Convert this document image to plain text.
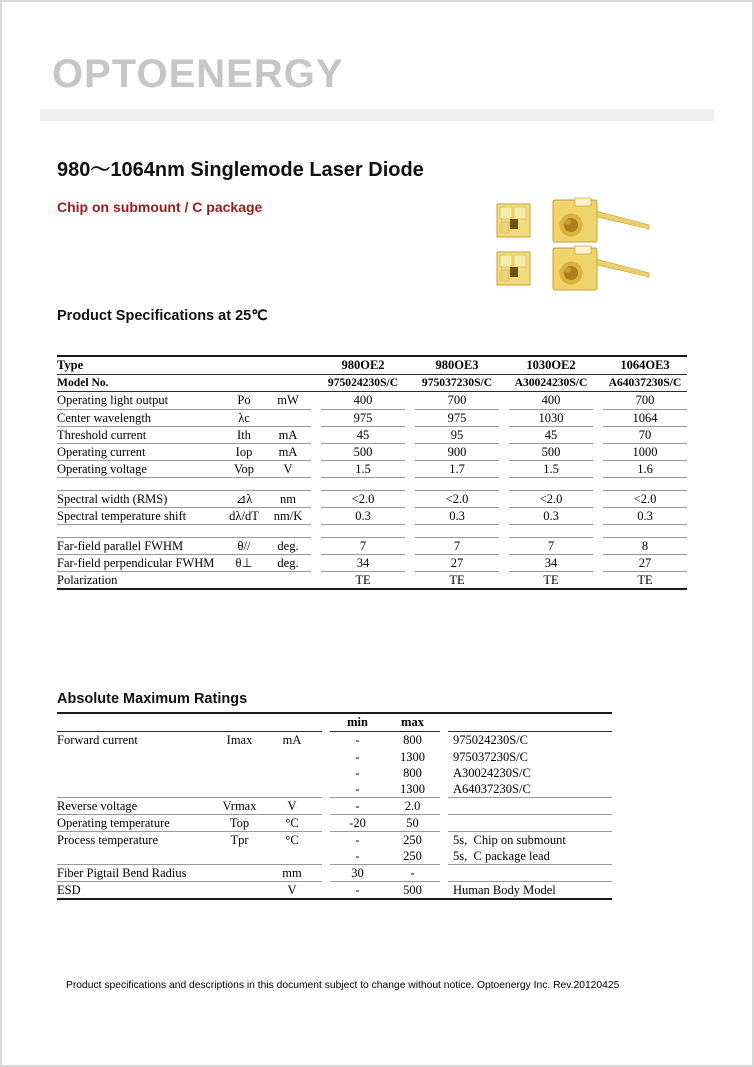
OPTOENERGY
980～1064nm Singlemode Laser Diode
Chip on submount / C package
Product Specifications at 25℃
Type				980OE2		980OE3		1030OE2		1064OE3
Model No.				975024230S/C		975037230S/C		A30024230S/C		A64037230S/C
Operating light output	Po	mW		400		700		400		700
Center wavelength	λc			975		975		1030		1064
Threshold current	Ith	mA		45		95		45		70
Operating current	Iop	mA		500		900		500		1000
Operating voltage	Vop	V		1.5		1.7		1.5		1.6

Spectral width (RMS)	⊿λ	nm		<2.0		<2.0		<2.0		<2.0
Spectral temperature shift	dλ/dT	nm/K		0.3		0.3		0.3		0.3

Far-field parallel FWHM	θ//	deg.		7		7		7		8
Far-field perpendicular FWHM	θ⊥	deg.		34		27		34		27
Polarization				TE		TE		TE		TE
Absolute Maximum Ratings
				min	max		
Forward current	Imax	mA		-	800		975024230S/C
				-	1300		975037230S/C
				-	800		A30024230S/C
				-	1300		A64037230S/C
Reverse voltage	Vrmax	V		-	2.0		
Operating temperature	Top	°C		-20	50		
Process temperature	Tpr	°C		-	250		5s,  Chip on submount
				-	250		5s,  C package lead
Fiber Pigtail Bend Radius		mm		30	-		
ESD		V		-	500		Human Body Model
Product specifications and descriptions in this document subject to change without notice. Optoenergy Inc. Rev.20120425
